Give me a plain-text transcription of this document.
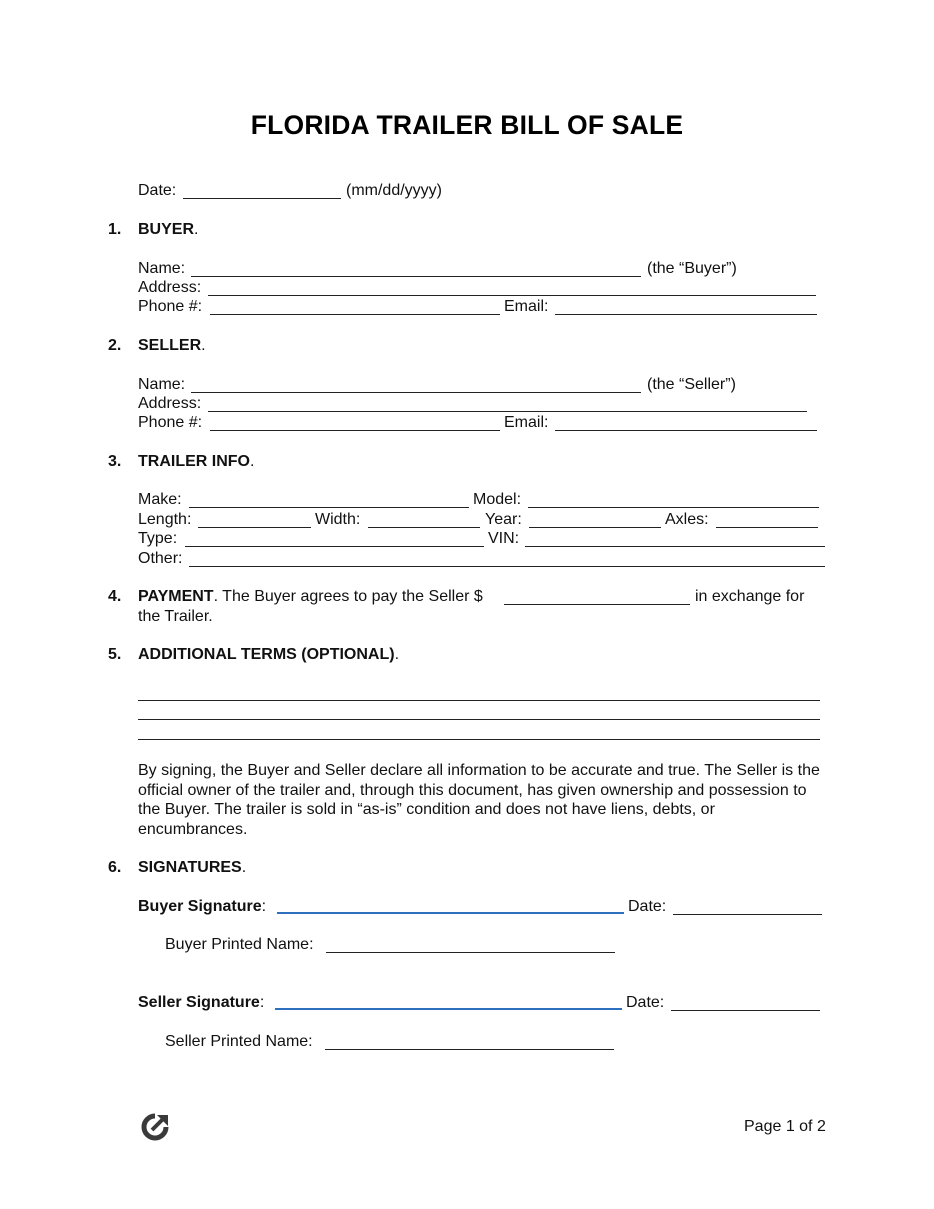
FLORIDA TRAILER BILL OF SALE
Date:	(mm/dd/yyyy)
1. BUYER.
Name:	(the “Buyer”)
Address:
Phone #:	Email:
2. SELLER.
Name:	(the “Seller”)
Address:
Phone #:	Email:
3. TRAILER INFO.
Make:	Model:
Length:	Width:	Year:	Axles:
Type:	VIN:
Other:
4. PAYMENT. The Buyer agrees to pay the Seller $	in exchange for
the Trailer.
5. ADDITIONAL TERMS (OPTIONAL).
By signing, the Buyer and Seller declare all information to be accurate and true. The Seller is the official owner of the trailer and, through this document, has given ownership and possession to the Buyer. The trailer is sold in “as-is” condition and does not have liens, debts, or encumbrances.
6. SIGNATURES.
Buyer Signature:	Date:
Buyer Printed Name:
Seller Signature:	Date:
Seller Printed Name:
Page 1 of 2
